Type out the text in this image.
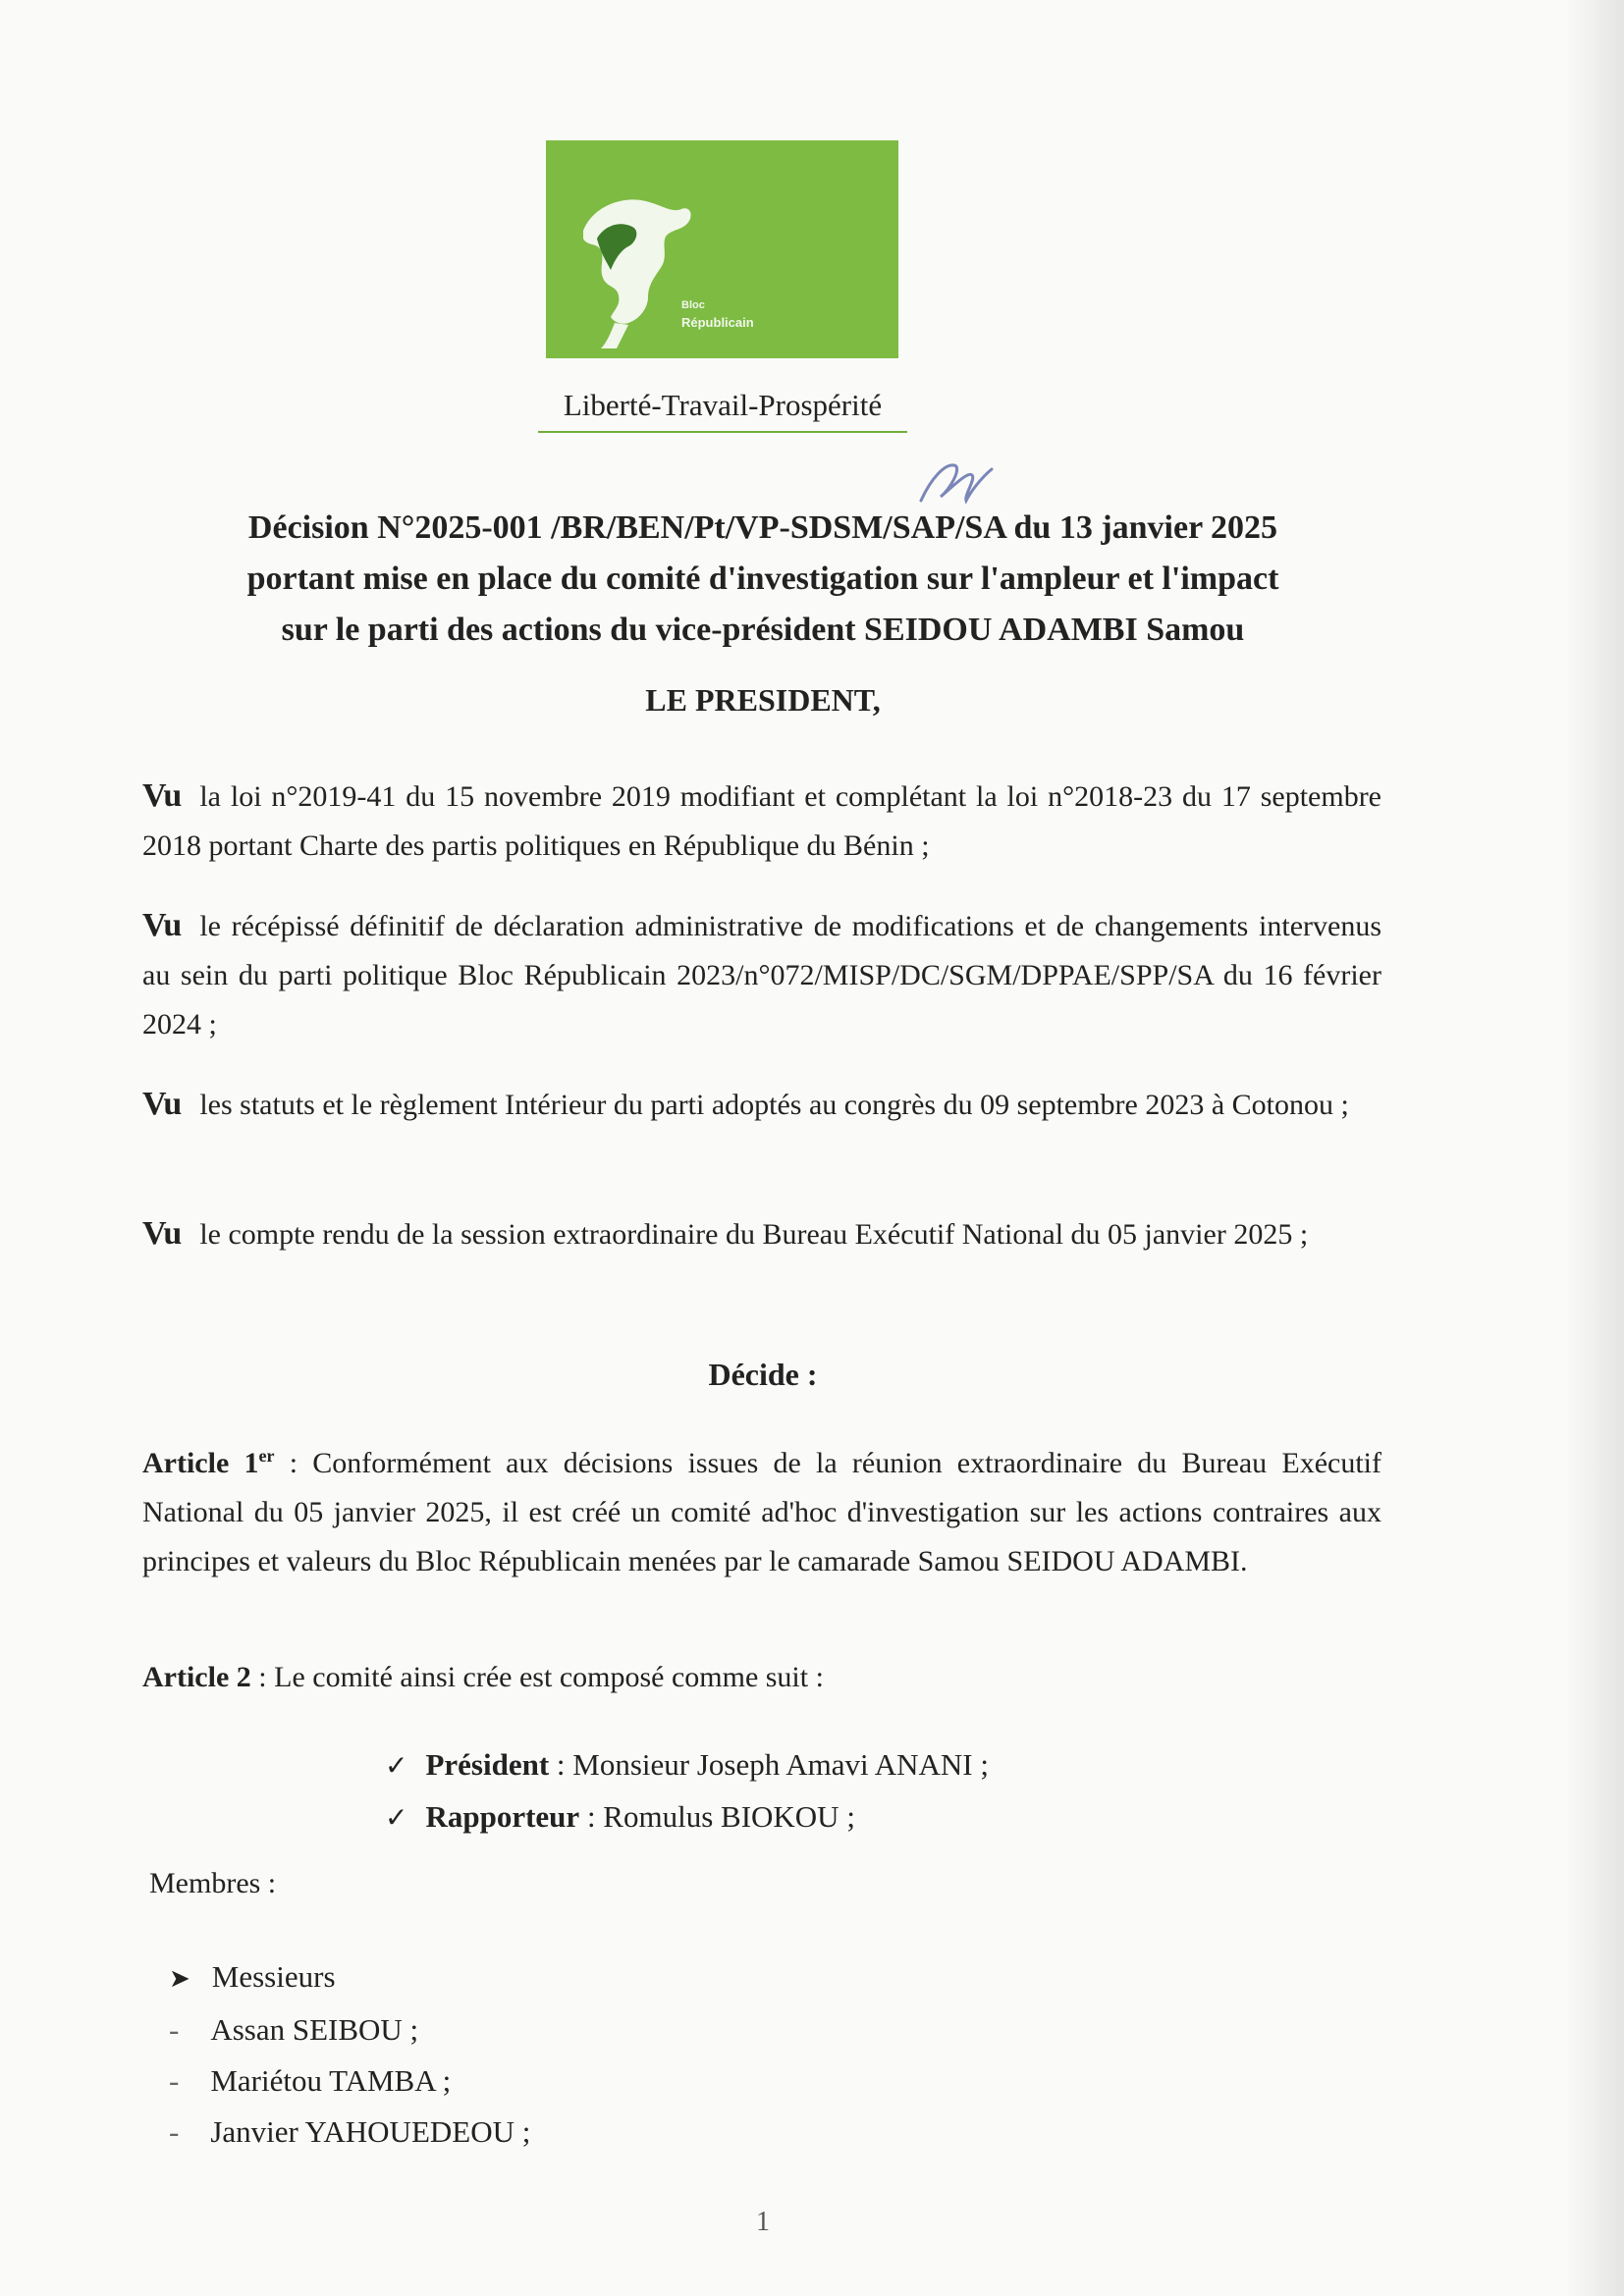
Bloc
Républicain
Liberté-Travail-Prospérité
Décision N°2025-001 /BR/BEN/Pt/VP-SDSM/SAP/SA du 13 janvier 2025
portant mise en place du comité d'investigation sur l'ampleur et l'impact
sur le parti des actions du vice-président SEIDOU ADAMBI Samou
LE PRESIDENT,
Vu la loi n°2019-41 du 15 novembre 2019 modifiant et complétant la loi n°2018-23 du 17 septembre 2018 portant Charte des partis politiques en République du Bénin ;
Vu le récépissé définitif de déclaration administrative de modifications et de changements intervenus au sein du parti politique Bloc Républicain 2023/n°072/MISP/DC/SGM/DPPAE/SPP/SA du 16 février 2024 ;
Vu les statuts et le règlement Intérieur du parti adoptés au congrès du 09 septembre 2023 à Cotonou ;
Vu le compte rendu de la session extraordinaire du Bureau Exécutif National du 05 janvier 2025 ;
Décide :
Article 1er : Conformément aux décisions issues de la réunion extraordinaire du Bureau Exécutif National du 05 janvier 2025, il est créé un comité ad'hoc d'investigation sur les actions contraires aux principes et valeurs du Bloc Républicain menées par le camarade Samou SEIDOU ADAMBI.
Article 2 : Le comité ainsi crée est composé comme suit :
✓ Président : Monsieur Joseph Amavi ANANI ;
✓ Rapporteur : Romulus BIOKOU ;
Membres :
➤ Messieurs
- Assan SEIBOU ;
- Mariétou TAMBA ;
- Janvier YAHOUEDEOU ;
1
